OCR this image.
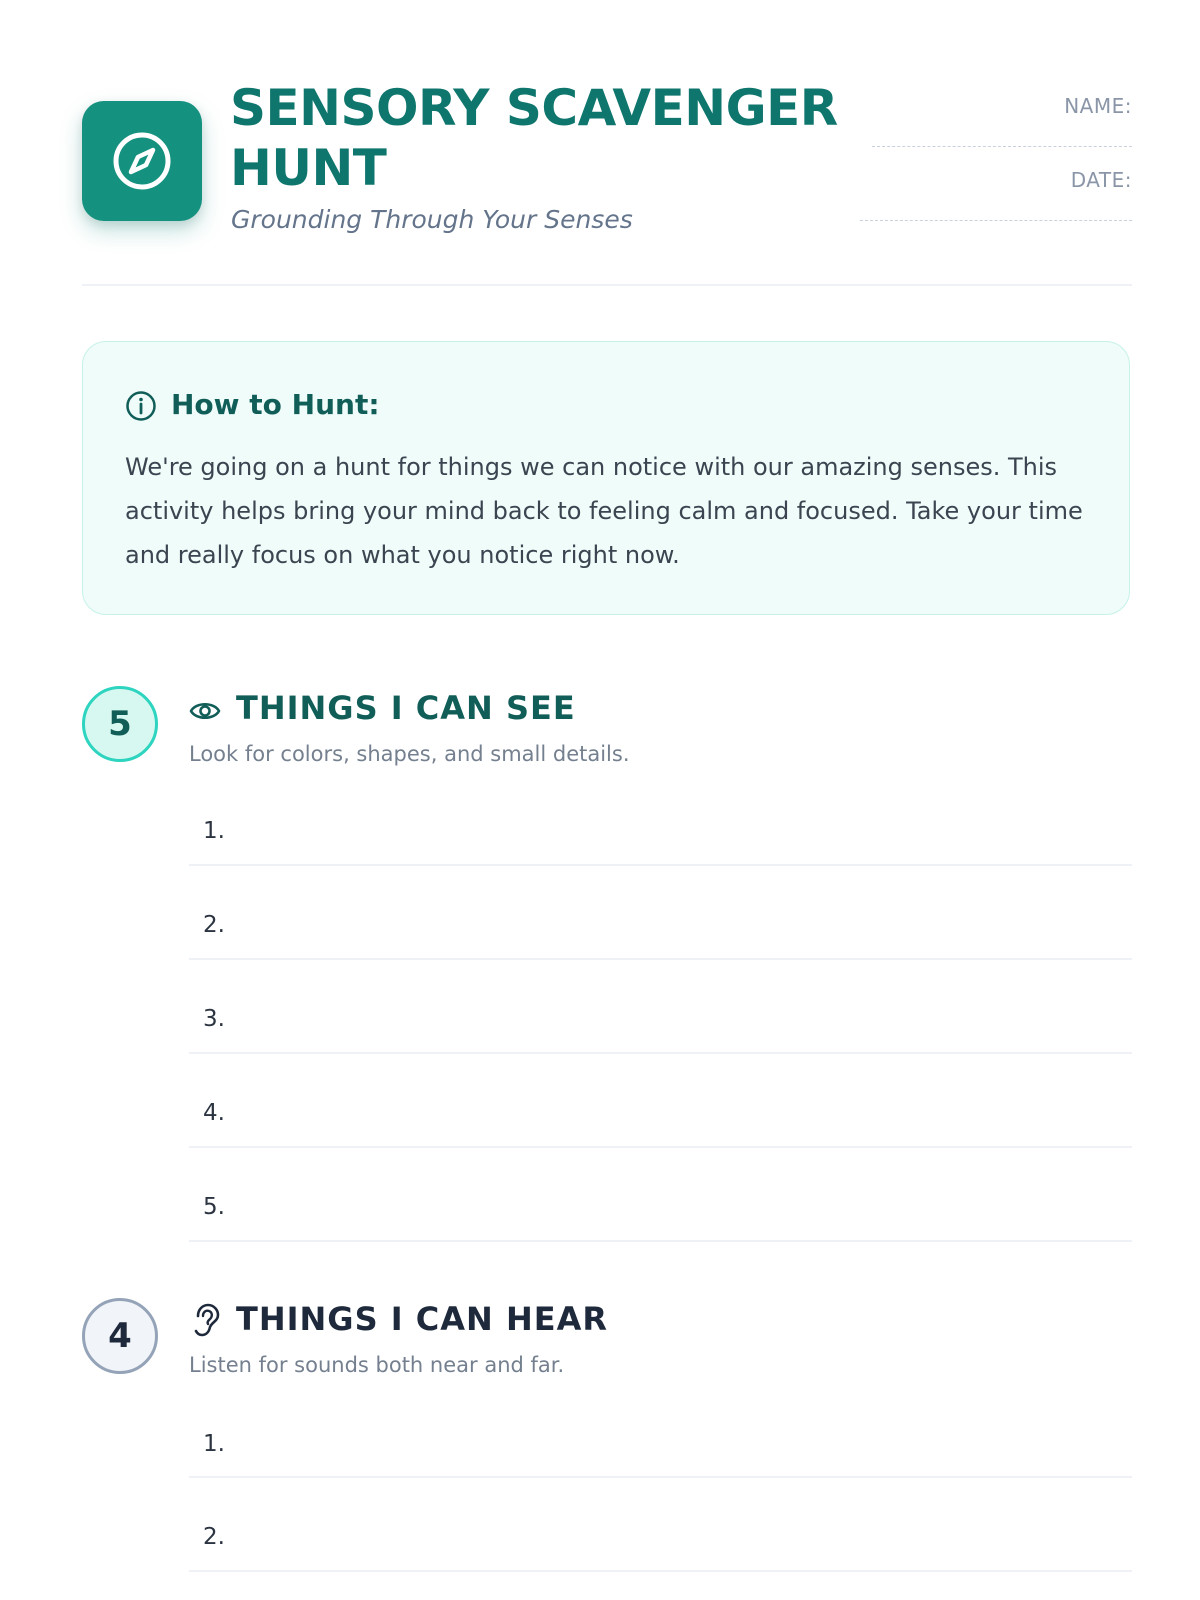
SENSORY SCAVENGER HUNT
Grounding Through Your Senses
NAME:
DATE:
How to Hunt:
We're going on a hunt for things we can notice with our amazing senses. This activity helps bring your mind back to feeling calm and focused. Take your time and really focus on what you notice right now.
5	THINGS I CAN SEE
Look for colors, shapes, and small details.
1.
2.
3.
4.
5.
4	THINGS I CAN HEAR
Listen for sounds both near and far.
1.
2.
